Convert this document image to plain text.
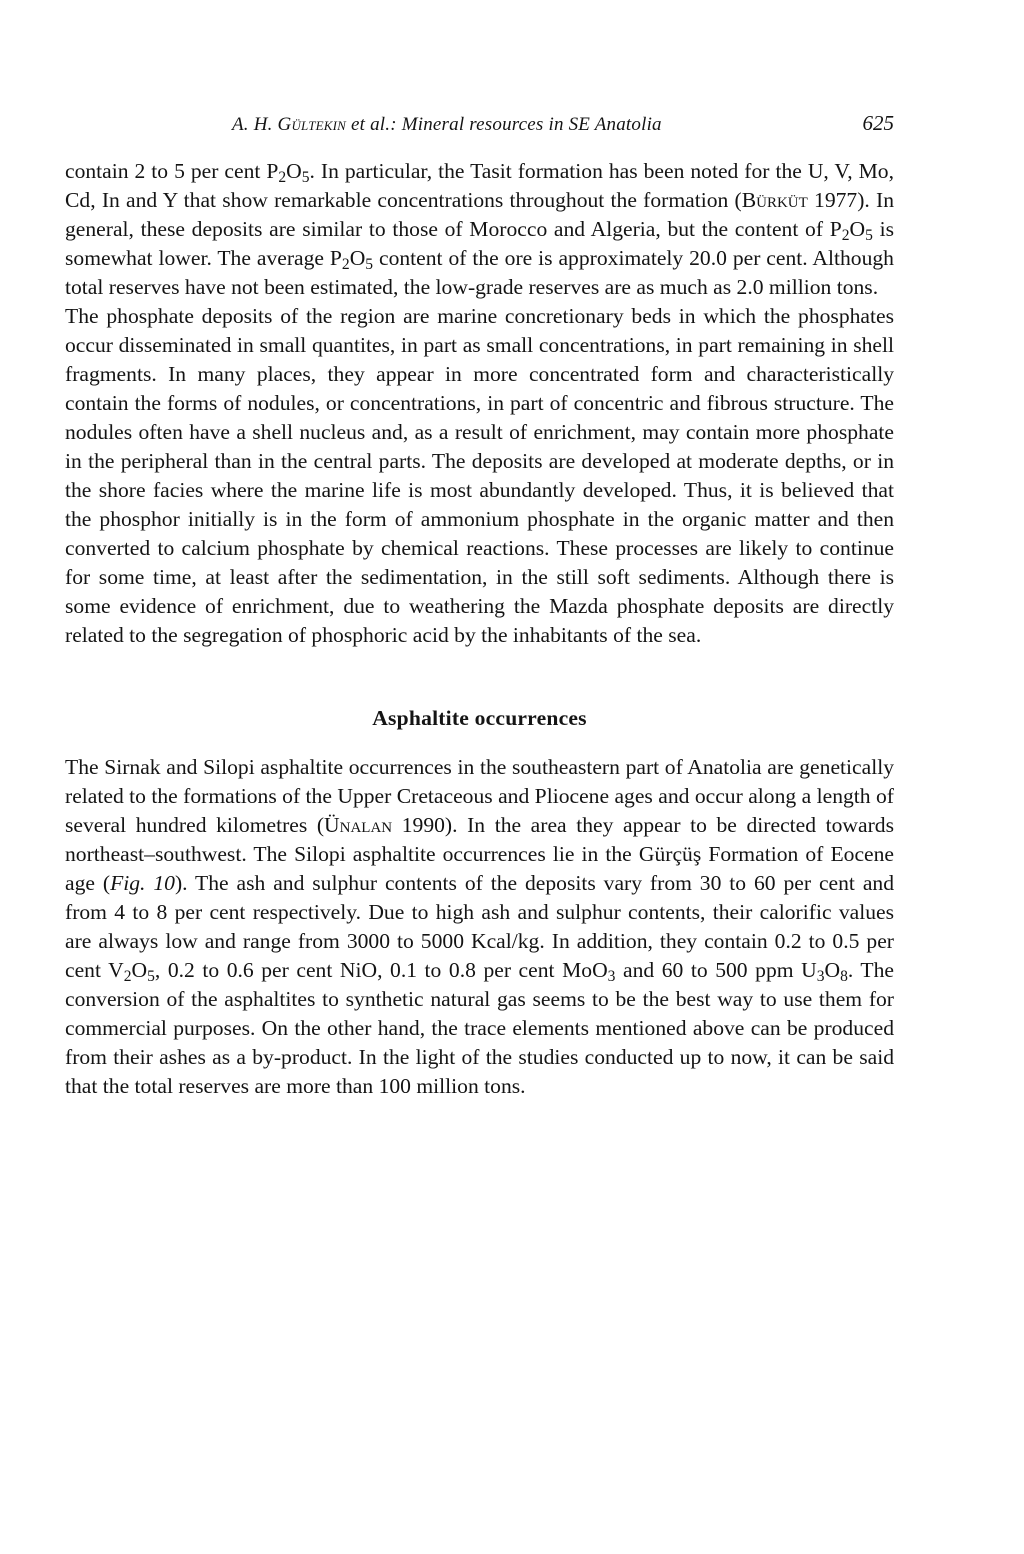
A. H. Gültekin et al.: Mineral resources in SE Anatolia	625

contain 2 to 5 per cent $P_2O_5$. In particular, the Tasit formation has been noted for the U, V, Mo, Cd, In and Y that show remarkable concentrations throughout the formation (Bürküt 1977). In general, these deposits are similar to those of Morocco and Algeria, but the content of $P_2O_5$ is somewhat lower. The average $P_2O_5$ content of the ore is approximately 20.0 per cent. Although total reserves have not been estimated, the low-grade reserves are as much as 2.0 million tons.

The phosphate deposits of the region are marine concretionary beds in which the phosphates occur disseminated in small quantites, in part as small concentrations, in part remaining in shell fragments. In many places, they appear in more concentrated form and characteristically contain the forms of nodules, or concentrations, in part of concentric and fibrous structure. The nodules often have a shell nucleus and, as a result of enrichment, may contain more phosphate in the peripheral than in the central parts. The deposits are developed at moderate depths, or in the shore facies where the marine life is most abundantly developed. Thus, it is believed that the phosphor initially is in the form of ammonium phosphate in the organic matter and then converted to calcium phosphate by chemical reactions. These processes are likely to continue for some time, at least after the sedimentation, in the still soft sediments. Although there is some evidence of enrichment, due to weathering the Mazda phosphate deposits are directly related to the segregation of phosphoric acid by the inhabitants of the sea.

Asphaltite occurrences

The Sirnak and Silopi asphaltite occurrences in the southeastern part of Anatolia are genetically related to the formations of the Upper Cretaceous and Pliocene ages and occur along a length of several hundred kilometres (Ünalan 1990). In the area they appear to be directed towards northeast–southwest. The Silopi asphaltite occurrences lie in the Gürçüş Formation of Eocene age (Fig. 10). The ash and sulphur contents of the deposits vary from 30 to 60 per cent and from 4 to 8 per cent respectively. Due to high ash and sulphur contents, their calorific values are always low and range from 3000 to 5000 Kcal/kg. In addition, they contain 0.2 to 0.5 per cent $V_2O_5$, 0.2 to 0.6 per cent NiO, 0.1 to 0.8 per cent MoO$_3$ and 60 to 500 ppm $U_3O_8$. The conversion of the asphaltites to synthetic natural gas seems to be the best way to use them for commercial purposes. On the other hand, the trace elements mentioned above can be produced from their ashes as a by-product. In the light of the studies conducted up to now, it can be said that the total reserves are more than 100 million tons.
